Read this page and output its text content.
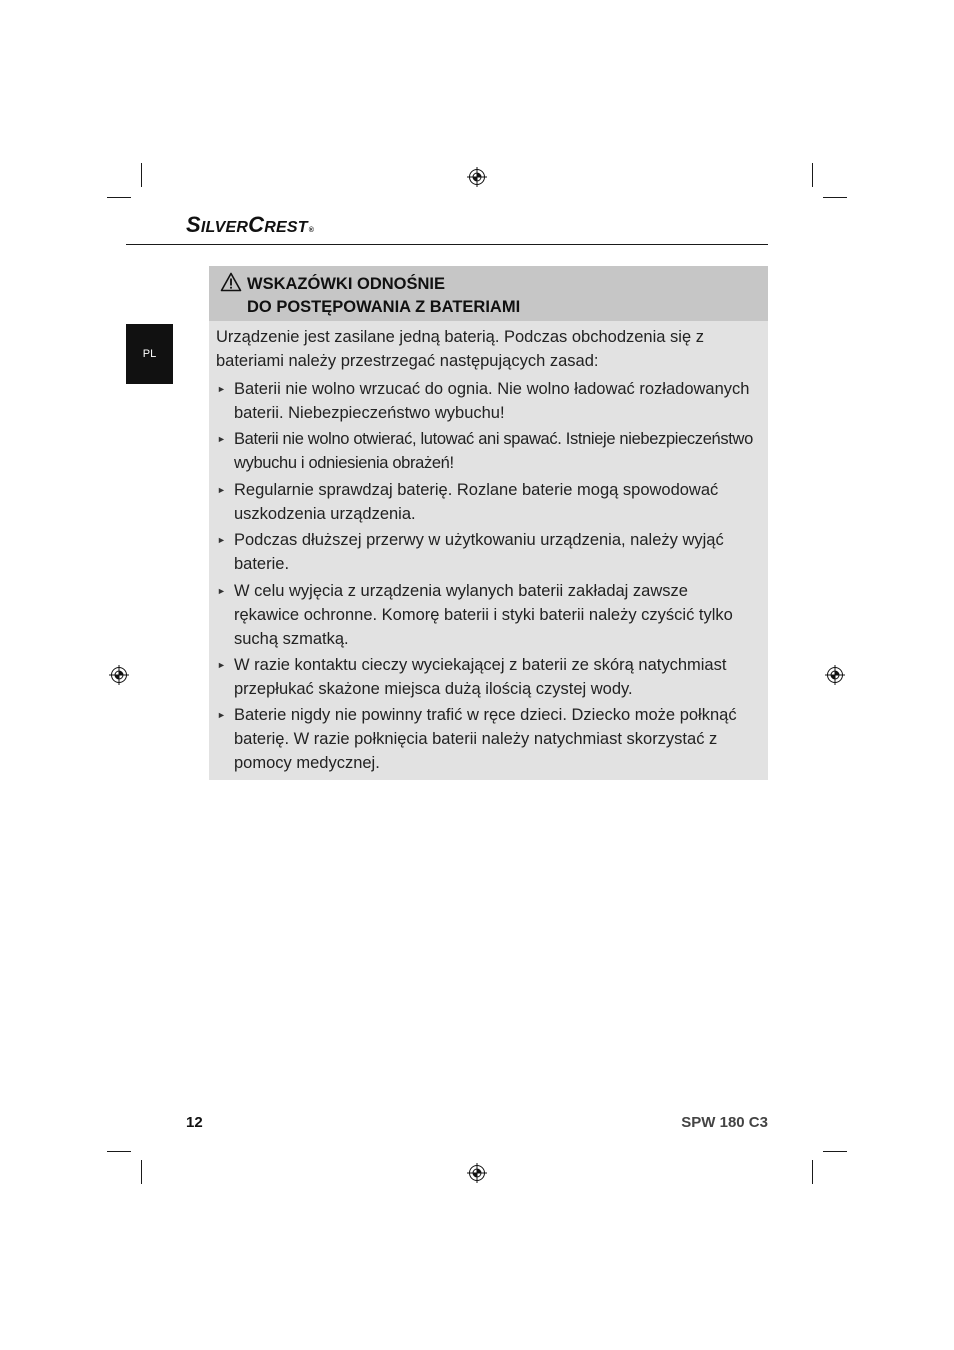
S ILVER C REST ®
PL
WSKAZÓWKI ODNOŚNIE
DO POSTĘPOWANIA Z BATERIAMI

Urządzenie jest zasilane jedną baterią. Podczas obchodzenia się z bateriami należy przestrzegać następujących zasad:

► Baterii nie wolno wrzucać do ognia. Nie wolno ładować rozładowanych baterii. Niebezpieczeństwo wybuchu!
► Baterii nie wolno otwierać, lutować ani spawać. Istnieje niebezpieczeństwo wybuchu i odniesienia obrażeń!
► Regularnie sprawdzaj baterię. Rozlane baterie mogą spowodować uszkodzenia urządzenia.
► Podczas dłuższej przerwy w użytkowaniu urządzenia, należy wyjąć baterie.
► W celu wyjęcia z urządzenia wylanych baterii zakładaj zawsze rękawice ochronne. Komorę baterii i styki baterii należy czyścić tylko suchą szmatką.
► W razie kontaktu cieczy wyciekającej z baterii ze skórą natychmiast przepłukać skażone miejsca dużą ilością czystej wody.
► Baterie nigdy nie powinny trafić w ręce dzieci. Dziecko może połknąć baterię. W razie połknięcia baterii należy natychmiast skorzystać z pomocy medycznej.
12	SPW 180 C3
